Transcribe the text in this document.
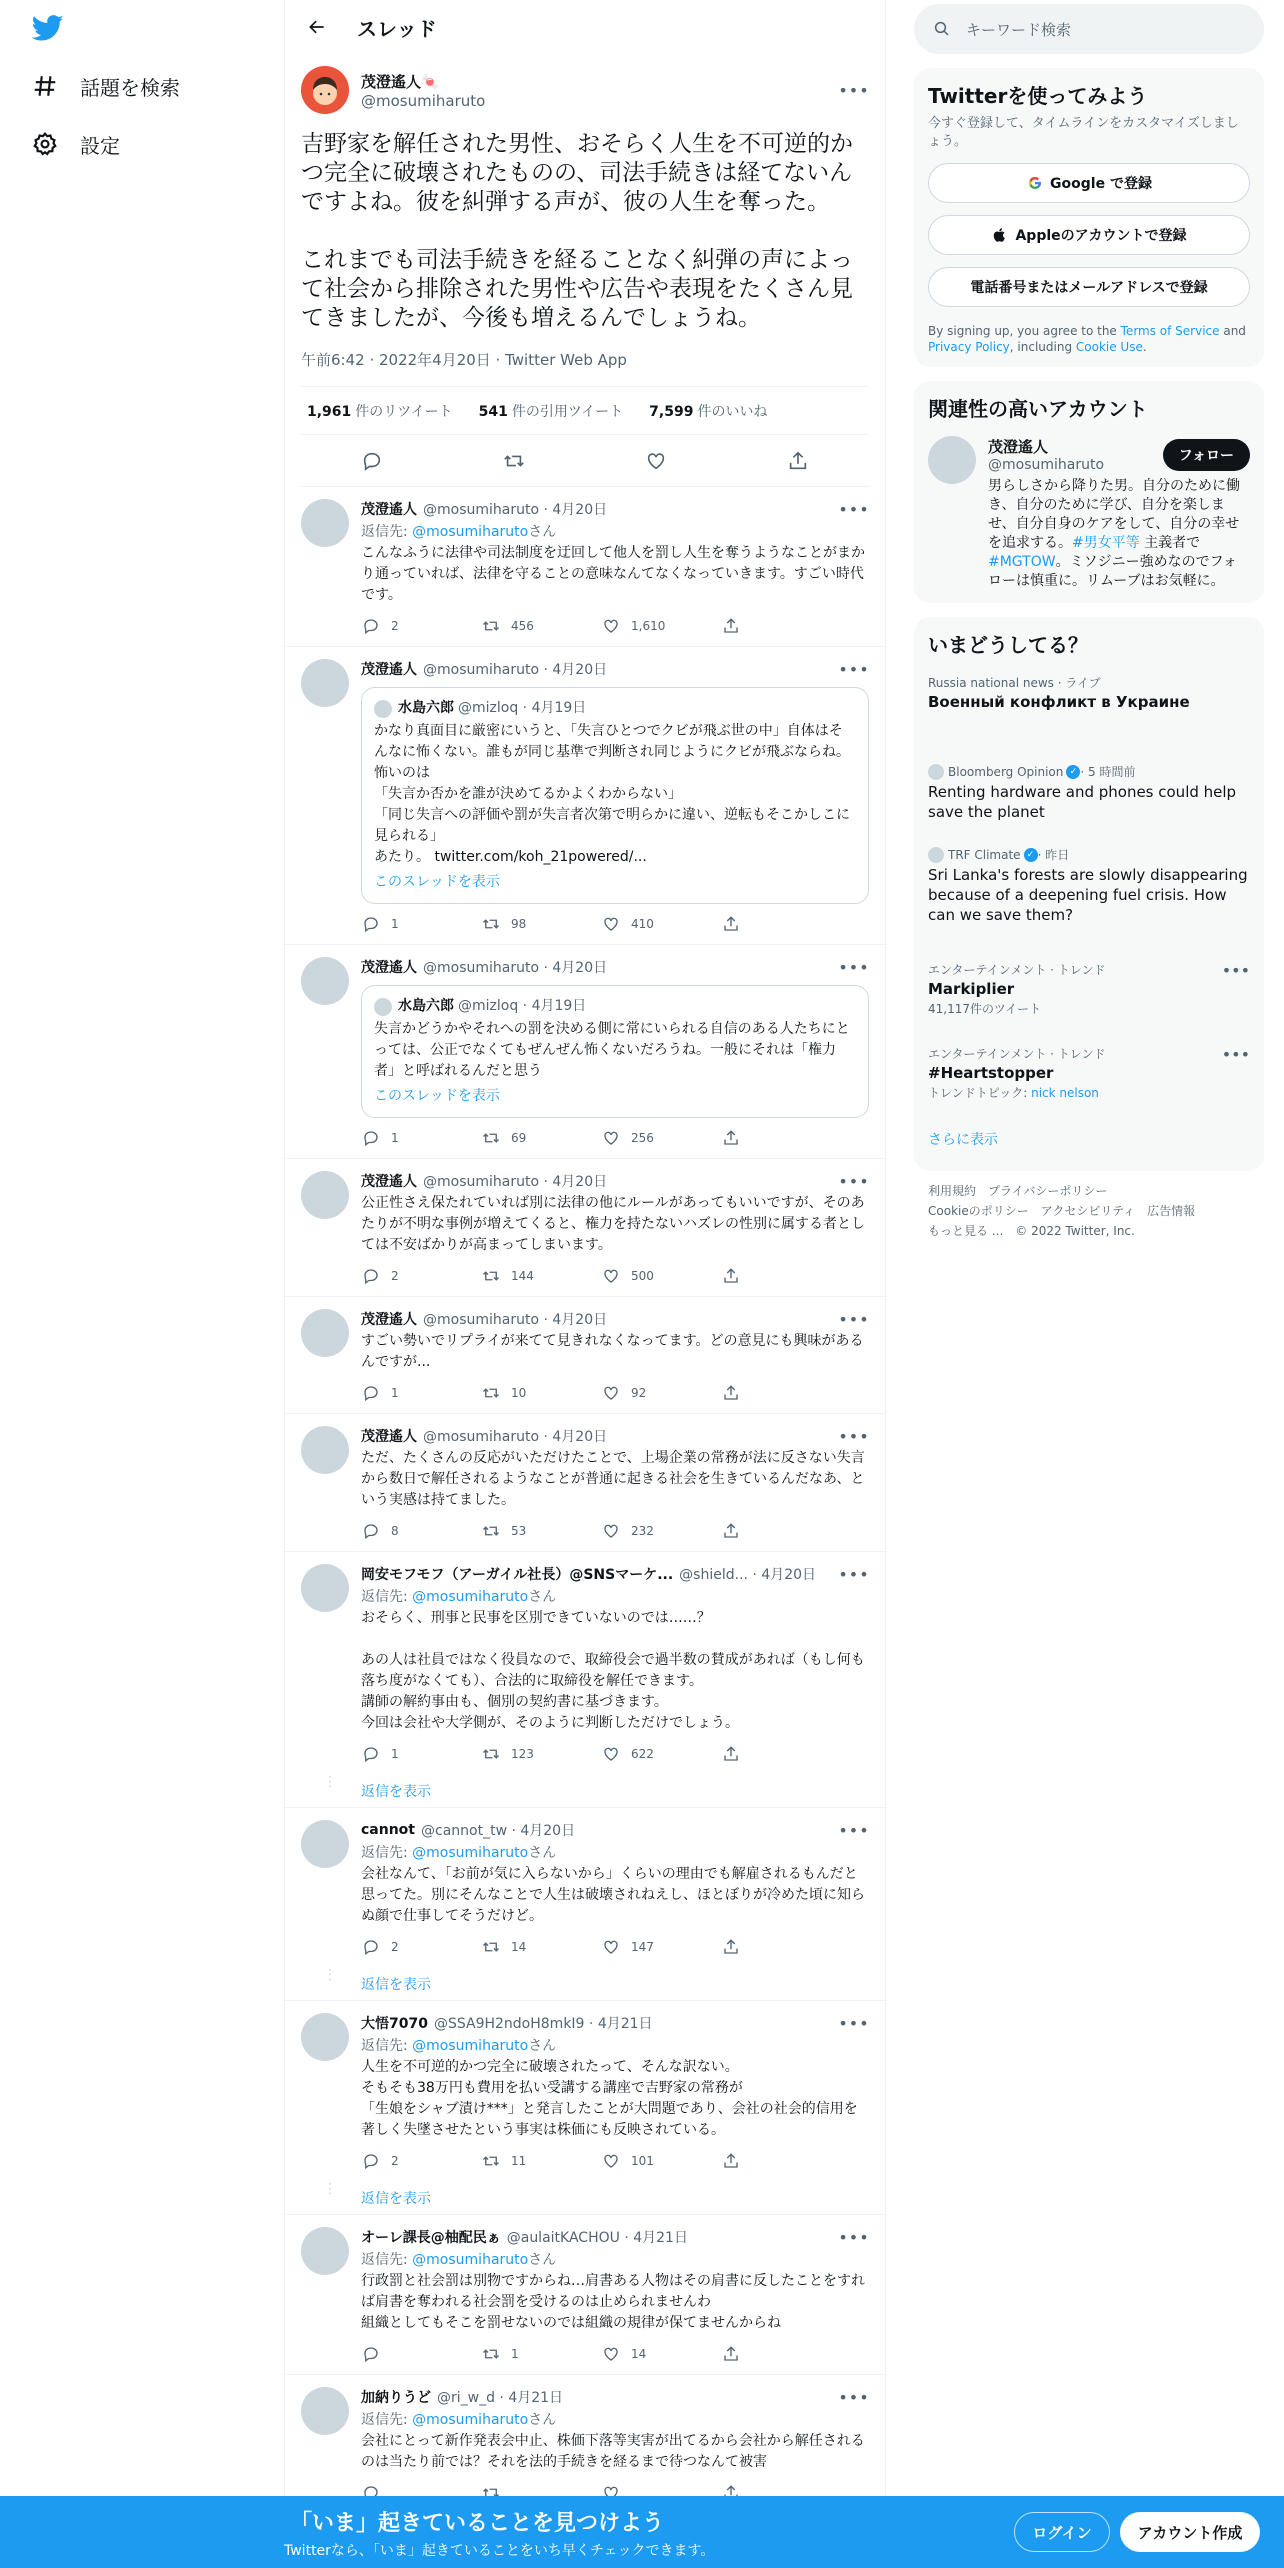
話題を検索
設定
スレッド
茂澄遙人🍬
@mosumiharuto
•••
吉野家を解任された男性、おそらく人生を不可逆的かつ完全に破壊されたものの、司法手続きは経てないんですよね。彼を糾弾する声が、彼の人生を奪った。

これまでも司法手続きを経ることなく糾弾の声によって社会から排除された男性や広告や表現をたくさん見てきましたが、今後も増えるんでしょうね。
午前6:42 · 2022年4月20日 · Twitter Web App
1,961 件のリツイート 541 件の引用ツイート 7,599 件のいいね
茂澄遙人 @mosumiharuto · 4月20日	•••
返信先: @mosumiharutoさん
こんなふうに法律や司法制度を迂回して他人を罰し人生を奪うようなことがまかり通っていれば、法律を守ることの意味なんてなくなっていきます。すごい時代です。
2	456	1,610
茂澄遙人 @mosumiharuto · 4月20日	•••
水島六郎 @mizloq · 4月19日
かなり真面目に厳密にいうと、「失言ひとつでクビが飛ぶ世の中」自体はそんなに怖くない。誰もが同じ基準で判断され同じようにクビが飛ぶならね。
怖いのは
「失言か否かを誰が決めてるかよくわからない」
「同じ失言への評価や罰が失言者次第で明らかに違い、逆転もそこかしこに見られる」
あたり。 twitter.com/koh_21powered/...
このスレッドを表示
1	98	410
茂澄遙人 @mosumiharuto · 4月20日	•••
水島六郎 @mizloq · 4月19日
失言かどうかやそれへの罰を決める側に常にいられる自信のある人たちにとっては、公正でなくてもぜんぜん怖くないだろうね。一般にそれは「権力者」と呼ばれるんだと思う
このスレッドを表示
1	69	256
茂澄遙人 @mosumiharuto · 4月20日	•••
公正性さえ保たれていれば別に法律の他にルールがあってもいいですが、そのあたりが不明な事例が増えてくると、権力を持たないハズレの性別に属する者としては不安ばかりが高まってしまいます。
2	144	500
茂澄遙人 @mosumiharuto · 4月20日	•••
すごい勢いでリプライが来てて見きれなくなってます。どの意見にも興味があるんですが...
1	10	92
茂澄遙人 @mosumiharuto · 4月20日	•••
ただ、たくさんの反応がいただけたことで、上場企業の常務が法に反さない失言から数日で解任されるようなことが普通に起きる社会を生きているんだなあ、という実感は持てました。
8	53	232
岡安モフモフ（アーガイル社長）@SNSマーケ... @shield... · 4月20日 •••
返信先: @mosumiharutoさん
おそらく、刑事と民事を区別できていないのでは……？

あの人は社員ではなく役員なので、取締役会で過半数の賛成があれば（もし何も落ち度がなくても）、合法的に取締役を解任できます。
講師の解約事由も、個別の契約書に基づきます。
今回は会社や大学側が、そのように判断しただけでしょう。
1	123	622
⋮
返信を表示
cannot @cannot_tw · 4月20日	•••
返信先: @mosumiharutoさん
会社なんて、「お前が気に入らないから」くらいの理由でも解雇されるもんだと思ってた。別にそんなことで人生は破壊されねえし、ほとぼりが冷めた頃に知らぬ顔で仕事してそうだけど。
2	14	147
⋮
返信を表示
大悟7070 @SSA9H2ndoH8mkI9 · 4月21日	•••
返信先: @mosumiharutoさん
人生を不可逆的かつ完全に破壊されたって、そんな訳ない。
そもそも38万円も費用を払い受講する講座で吉野家の常務が
「生娘をシャブ漬け***」と発言したことが大問題であり、会社の社会的信用を著しく失墜させたという事実は株価にも反映されている。
2	11	101
⋮
返信を表示
オーレ課長@柚配民ぁ @aulaitKACHOU · 4月21日	•••
返信先: @mosumiharutoさん
行政罰と社会罰は別物ですからね…肩書ある人物はその肩書に反したことをすれば肩書を奪われる社会罰を受けるのは止められませんわ
組織としてもそこを罰せないのでは組織の規律が保てませんからね
1	14
加納りうど @ri_w_d · 4月21日	•••
返信先: @mosumiharutoさん
会社にとって新作発表会中止、株価下落等実害が出てるから会社から解任されるのは当たり前では？それを法的手続きを経るまで待つなんて被害
キーワード検索
Twitterを使ってみよう
今すぐ登録して、タイムラインをカスタマイズしましょう。
Google で登録
Appleのアカウントで登録
電話番号またはメールアドレスで登録
By signing up, you agree to the Terms of Service and Privacy Policy, including Cookie Use.
関連性の高いアカウント
茂澄遙人
@mosumiharuto
フォロー
男らしさから降りた男。自分のために働き、自分のために学び、自分を楽しませ、自分自身のケアをして、自分の幸せを追求する。#男女平等 主義者で #MGTOW。ミソジニー強めなのでフォローは慎重に。リムーブはお気軽に。
いまどうしてる？
Russia national news · ライブ
Военный конфликт в Украине
Bloomberg Opinion ✓ · 5 時間前
Renting hardware and phones could help save the planet
TRF Climate ✓ · 昨日
Sri Lanka's forests are slowly disappearing because of a deepening fuel crisis. How can we save them?
エンターテインメント · トレンド
Markiplier
41,117件のツイート
•••
エンターテインメント · トレンド
#Heartstopper
トレンドトピック: nick nelson
•••
さらに表示
利用規約　プライバシーポリシー
Cookieのポリシー　アクセシビリティ　広告情報
もっと見る ...　© 2022 Twitter, Inc.
「いま」起きていることを見つけよう
Twitterなら、「いま」起きていることをいち早くチェックできます。
ログイン	アカウント作成
